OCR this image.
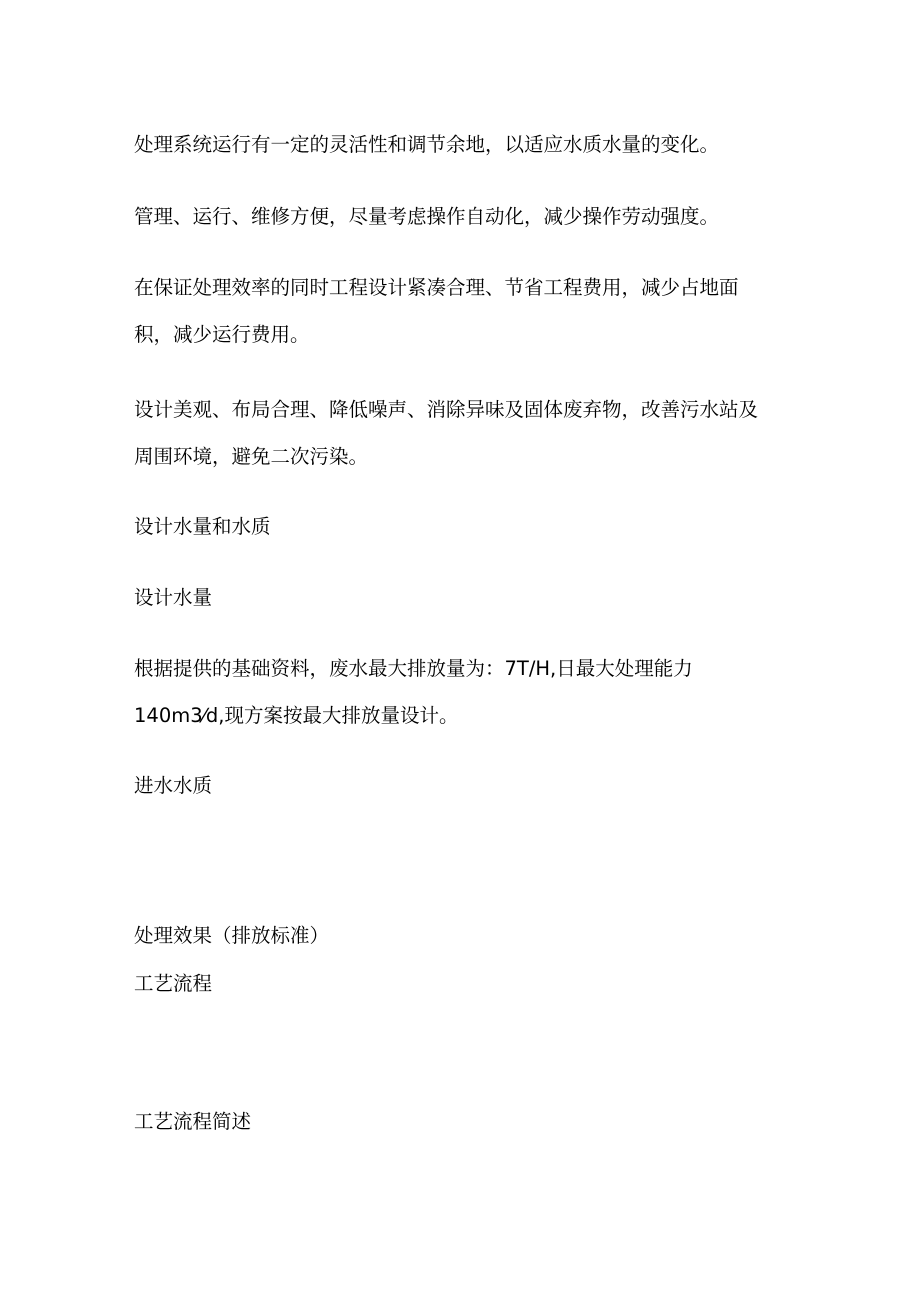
处理系统运行有一定的灵活性和调节余地，以适应水质水量的变化。

管理、运行、维修方便，尽量考虑操作自动化，减少操作劳动强度。

在保证处理效率的同时工程设计紧凑合理、节省工程费用，减少占地面

积，减少运行费用。

设计美观、布局合理、降低噪声、消除异味及固体废弃物，改善污水站及

周围环境，避免二次污染。

设计水量和水质

设计水量

根据提供的基础资料，废水最大排放量为：7T/H,日最大处理能力

140m3⁄d,现方案按最大排放量设计。

进水水质

处理效果（排放标准）

工艺流程

工艺流程简述
